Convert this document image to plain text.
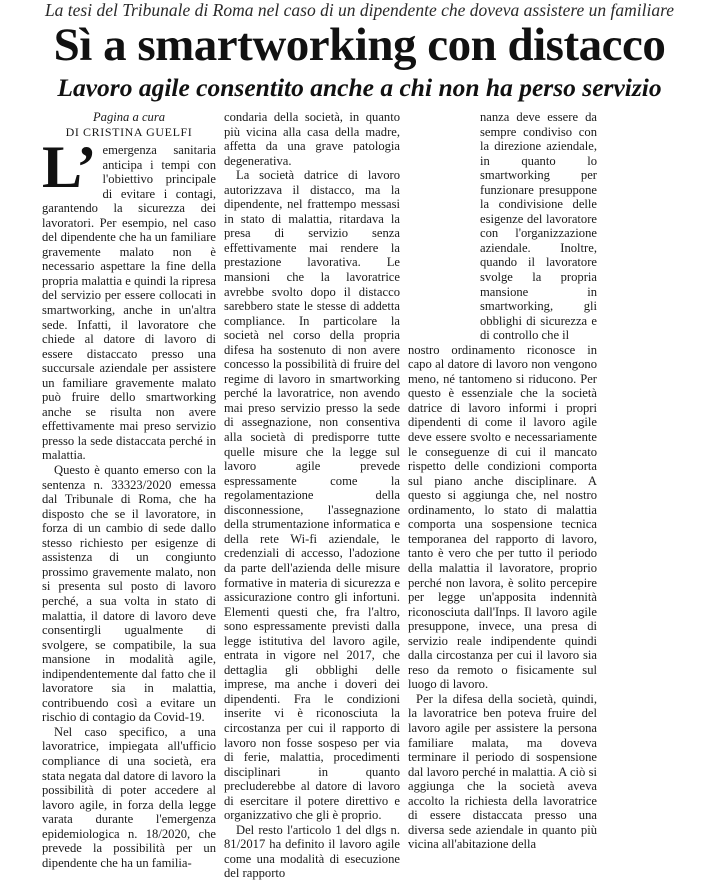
La tesi del Tribunale di Roma nel caso di un dipendente che doveva assistere un familiare
Sì a smartworking con distacco
Lavoro agile consentito anche a chi non ha perso servizio
Pagina a cura
DI CRISTINA GUELFI

L’ emergenza sanitaria anticipa i tempi con l'obiettivo principale di evitare i contagi, garantendo la sicurezza dei lavoratori. Per esempio, nel caso del dipendente che ha un familiare gravemente malato non è necessario aspettare la fine della propria malattia e quindi la ripresa del servizio per essere collocati in smartworking, anche in un'altra sede. Infatti, il lavoratore che chiede al datore di lavoro di essere distaccato presso una succursale aziendale per assistere un familiare gravemente malato può fruire dello smartworking anche se risulta non avere effettivamente mai preso servizio presso la sede distaccata perché in malattia.

Questo è quanto emerso con la sentenza n. 33323/2020 emessa dal Tribunale di Roma, che ha disposto che se il lavoratore, in forza di un cambio di sede dallo stesso richiesto per esigenze di assistenza di un congiunto prossimo gravemente malato, non si presenta sul posto di lavoro perché, a sua volta in stato di malattia, il datore di lavoro deve consentirgli ugualmente di svolgere, se compatibile, la sua mansione in modalità agile, indipendentemente dal fatto che il lavoratore sia in malattia, contribuendo così a evitare un rischio di contagio da Covid-19.

Nel caso specifico, a una lavoratrice, impiegata all'ufficio compliance di una società, era stata negata dal datore di lavoro la possibilità di poter accedere al lavoro agile, in forza della legge varata durante l'emergenza epidemiologica n. 18/2020, che prevede la possibilità per un dipendente che ha un familia-

condaria della società, in quanto più vicina alla casa della madre, affetta da una grave patologia degenerativa.

La società datrice di lavoro autorizzava il distacco, ma la dipendente, nel frattempo messasi in stato di malattia, ritardava la presa di servizio senza effettivamente mai rendere la prestazione lavorativa. Le mansioni che la lavoratrice avrebbe svolto dopo il distacco sarebbero state le stesse di addetta compliance. In particolare la società nel corso della propria difesa ha sostenuto di non avere concesso la possibilità di fruire del regime di lavoro in smartworking perché la lavoratrice, non avendo mai preso servizio presso la sede di assegnazione, non consentiva alla società di predisporre tutte quelle misure che la legge sul lavoro agile prevede espressamente come la regolamentazione della disconnessione, l'assegnazione della strumentazione informatica e della rete Wi-fi aziendale, le credenziali di accesso, l'adozione da parte dell'azienda delle misure formative in materia di sicurezza e assicurazione contro gli infortuni. Elementi questi che, fra l'altro, sono espressamente previsti dalla legge istitutiva del lavoro agile, entrata in vigore nel 2017, che dettaglia gli obblighi delle imprese, ma anche i doveri dei dipendenti. Fra le condizioni inserite vi è riconosciuta la circostanza per cui il rapporto di lavoro non fosse sospeso per via di ferie, malattia, procedimenti disciplinari in quanto precluderebbe al datore di lavoro di esercitare il potere direttivo e organizzativo che gli è proprio.

Del resto l'articolo 1 del dlgs n. 81/2017 ha definito il lavoro agile come una modalità di esecuzione del rapporto

nanza deve essere da sempre condiviso con la direzione aziendale, in quanto lo smartworking per funzionare presuppone la condivisione delle esigenze del lavoratore con l'organizzazione aziendale. Inoltre, quando il lavoratore svolge la propria mansione in smartworking, gli obblighi di sicurezza e di controllo che il

nostro ordinamento riconosce in capo al datore di lavoro non vengono meno, né tantomeno si riducono. Per questo è essenziale che la società datrice di lavoro informi i propri dipendenti di come il lavoro agile deve essere svolto e necessariamente le conseguenze di cui il mancato rispetto delle condizioni comporta sul piano anche disciplinare. A questo si aggiunga che, nel nostro ordinamento, lo stato di malattia comporta una sospensione tecnica temporanea del rapporto di lavoro, tanto è vero che per tutto il periodo della malattia il lavoratore, proprio perché non lavora, è solito percepire per legge un'apposita indennità riconosciuta dall'Inps. Il lavoro agile presuppone, invece, una presa di servizio reale indipendente quindi dalla circostanza per cui il lavoro sia reso da remoto o fisicamente sul luogo di lavoro.

Per la difesa della società, quindi, la lavoratrice ben poteva fruire del lavoro agile per assistere la persona familiare malata, ma doveva terminare il periodo di sospensione dal lavoro perché in malattia. A ciò si aggiunga che la società aveva accolto la richiesta della lavoratrice di essere distaccata presso una diversa sede aziendale in quanto più vicina all'abitazione della
